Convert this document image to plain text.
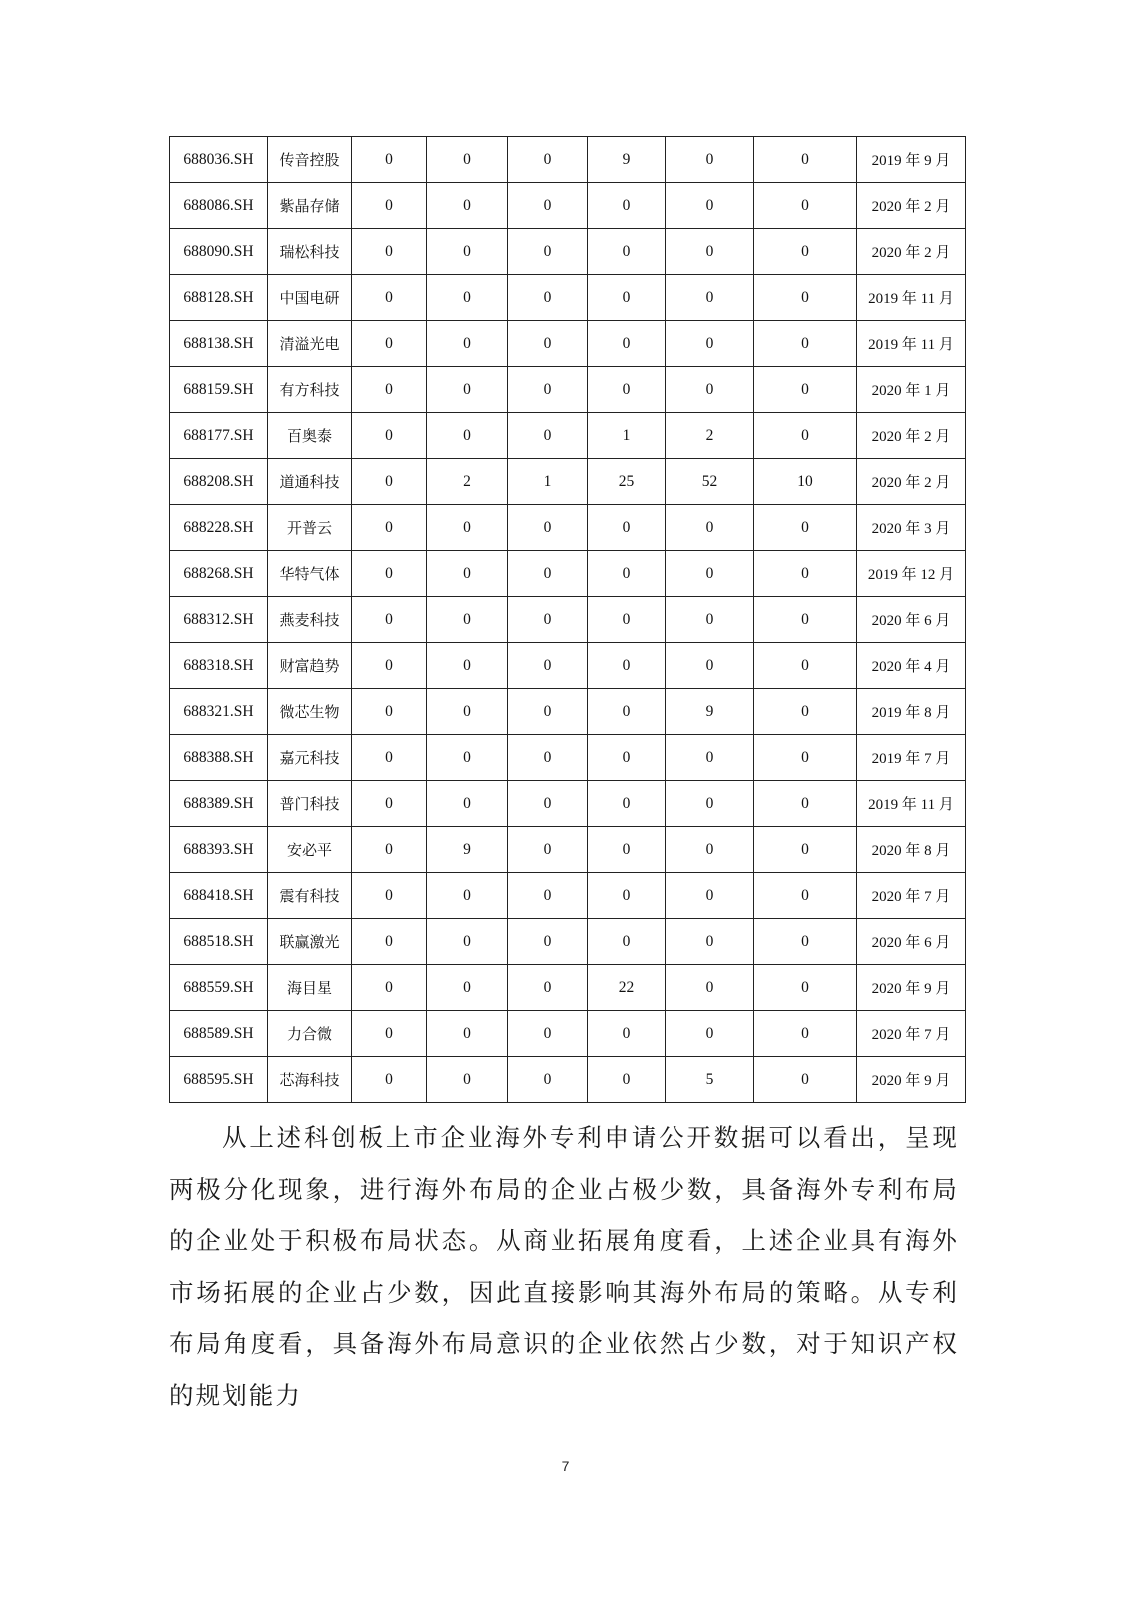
688036.SH	传音控股	0	0	0	9	0	0	2019 年 9 月
688086.SH	紫晶存储	0	0	0	0	0	0	2020 年 2 月
688090.SH	瑞松科技	0	0	0	0	0	0	2020 年 2 月
688128.SH	中国电研	0	0	0	0	0	0	2019 年 11 月
688138.SH	清溢光电	0	0	0	0	0	0	2019 年 11 月
688159.SH	有方科技	0	0	0	0	0	0	2020 年 1 月
688177.SH	百奥泰	0	0	0	1	2	0	2020 年 2 月
688208.SH	道通科技	0	2	1	25	52	10	2020 年 2 月
688228.SH	开普云	0	0	0	0	0	0	2020 年 3 月
688268.SH	华特气体	0	0	0	0	0	0	2019 年 12 月
688312.SH	燕麦科技	0	0	0	0	0	0	2020 年 6 月
688318.SH	财富趋势	0	0	0	0	0	0	2020 年 4 月
688321.SH	微芯生物	0	0	0	0	9	0	2019 年 8 月
688388.SH	嘉元科技	0	0	0	0	0	0	2019 年 7 月
688389.SH	普门科技	0	0	0	0	0	0	2019 年 11 月
688393.SH	安必平	0	9	0	0	0	0	2020 年 8 月
688418.SH	震有科技	0	0	0	0	0	0	2020 年 7 月
688518.SH	联赢激光	0	0	0	0	0	0	2020 年 6 月
688559.SH	海目星	0	0	0	22	0	0	2020 年 9 月
688589.SH	力合微	0	0	0	0	0	0	2020 年 7 月
688595.SH	芯海科技	0	0	0	0	5	0	2020 年 9 月

从上述科创板上市企业海外专利申请公开数据可以看出，呈现两极分化现象，进行海外布局的企业占极少数，具备海外专利布局的企业处于积极布局状态。从商业拓展角度看，上述企业具有海外市场拓展的企业占少数，因此直接影响其海外布局的策略。从专利布局角度看，具备海外布局意识的企业依然占少数，对于知识产权的规划能力

7
